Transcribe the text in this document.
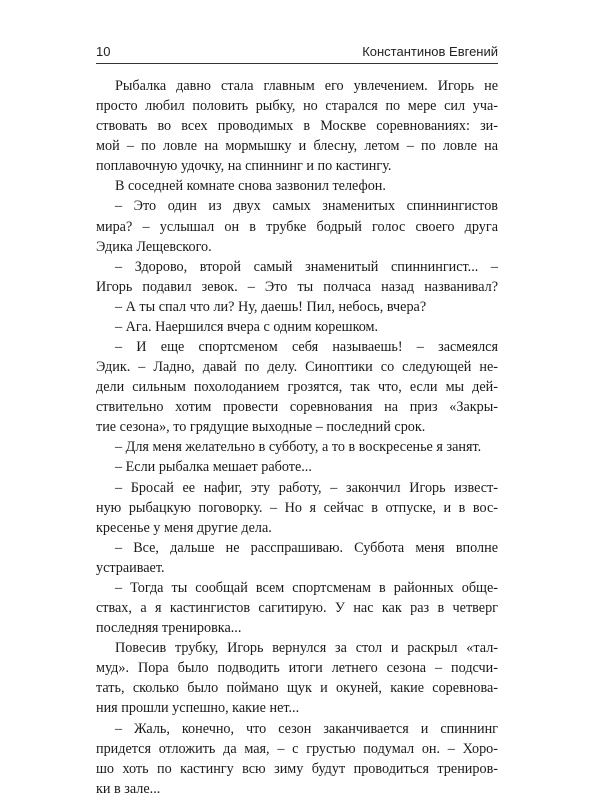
10	Константинов Евгений
Рыбалка давно стала главным его увлечением. Игорь не
просто любил половить рыбку, но старался по мере сил уча-
ствовать во всех проводимых в Москве соревнованиях: зи-
мой – по ловле на мормышку и блесну, летом – по ловле на
поплавочную удочку, на спиннинг и по кастингу.
В соседней комнате снова зазвонил телефон.
– Это один из двух самых знаменитых спиннингистов
мира? – услышал он в трубке бодрый голос своего друга
Эдика Лещевского.
– Здорово, второй самый знаменитый спиннингист... –
Игорь подавил зевок. – Это ты полчаса назад названивал?
– А ты спал что ли? Ну, даешь! Пил, небось, вчера?
– Ага. Наершился вчера с одним корешком.
– И еще спортсменом себя называешь! – засмеялся
Эдик. – Ладно, давай по делу. Синоптики со следующей не-
дели сильным похолоданием грозятся, так что, если мы дей-
ствительно хотим провести соревнования на приз «Закры-
тие сезона», то грядущие выходные – последний срок.
– Для меня желательно в субботу, а то в воскресенье я занят.
– Если рыбалка мешает работе...
– Бросай ее нафиг, эту работу, – закончил Игорь извест-
ную рыбацкую поговорку. – Но я сейчас в отпуске, и в вос-
кресенье у меня другие дела.
– Все, дальше не расспрашиваю. Суббота меня вполне
устраивает.
– Тогда ты сообщай всем спортсменам в районных обще-
ствах, а я кастингистов сагитирую. У нас как раз в четверг
последняя тренировка...
Повесив трубку, Игорь вернулся за стол и раскрыл «тал-
муд». Пора было подводить итоги летнего сезона – подсчи-
тать, сколько было поймано щук и окуней, какие соревнова-
ния прошли успешно, какие нет...
– Жаль, конечно, что сезон заканчивается и спиннинг
придется отложить да мая, – с грустью подумал он. – Хоро-
шо хоть по кастингу всю зиму будут проводиться трениров-
ки в зале...
